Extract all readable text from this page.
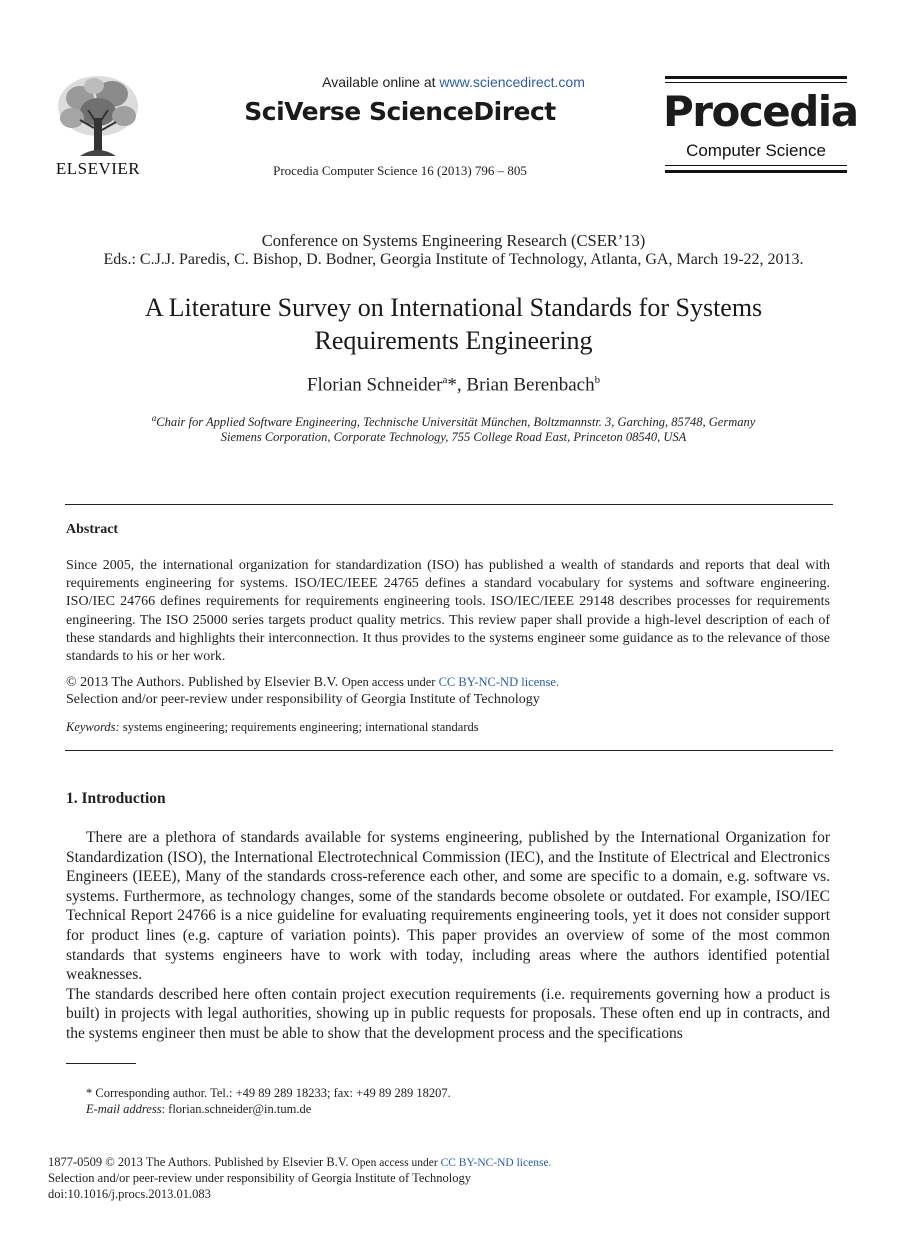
ELSEVIER
Available online at www.sciencedirect.com
SciVerse ScienceDirect
Procedia Computer Science 16 (2013) 796 – 805
Procedia
Computer Science
Conference on Systems Engineering Research (CSER’13)
Eds.: C.J.J. Paredis, C. Bishop, D. Bodner, Georgia Institute of Technology, Atlanta, GA, March 19-22, 2013.
A Literature Survey on International Standards for Systems
Requirements Engineering
Florian Schneider$^a$*, Brian Berenbach$^b$
$^a$Chair for Applied Software Engineering, Technische Universität München, Boltzmannstr. 3, Garching, 85748, Germany
Siemens Corporation, Corporate Technology, 755 College Road East, Princeton 08540, USA
Abstract
Since 2005, the international organization for standardization (ISO) has published a wealth of standards and reports that deal with requirements engineering for systems. ISO/IEC/IEEE 24765 defines a standard vocabulary for systems and software engineering. ISO/IEC 24766 defines requirements for requirements engineering tools. ISO/IEC/IEEE 29148 describes processes for requirements engineering. The ISO 25000 series targets product quality metrics. This review paper shall provide a high-level description of each of these standards and highlights their interconnection. It thus provides to the systems engineer some guidance as to the relevance of those standards to his or her work.
© 2013 The Authors. Published by Elsevier B.V. Open access under CC BY-NC-ND license.
Selection and/or peer-review under responsibility of Georgia Institute of Technology
Keywords: systems engineering; requirements engineering; international standards
1. Introduction

There are a plethora of standards available for systems engineering, published by the International Organization for Standardization (ISO), the International Electrotechnical Commission (IEC), and the Institute of Electrical and Electronics Engineers (IEEE), Many of the standards cross-reference each other, and some are specific to a domain, e.g. software vs. systems. Furthermore, as technology changes, some of the standards become obsolete or outdated. For example, ISO/IEC Technical Report 24766 is a nice guideline for evaluating requirements engineering tools, yet it does not consider support for product lines (e.g. capture of variation points). This paper provides an overview of some of the most common standards that systems engineers have to work with today, including areas where the authors identified potential weaknesses.

The standards described here often contain project execution requirements (i.e. requirements governing how a product is built) in projects with legal authorities, showing up in public requests for proposals. These often end up in contracts, and the systems engineer then must be able to show that the development process and the specifications

* Corresponding author. Tel.: +49 89 289 18233; fax: +49 89 289 18207.
E-mail address: florian.schneider@in.tum.de
1877-0509 © 2013 The Authors. Published by Elsevier B.V. Open access under CC BY-NC-ND license.
Selection and/or peer-review under responsibility of Georgia Institute of Technology
doi:10.1016/j.procs.2013.01.083
